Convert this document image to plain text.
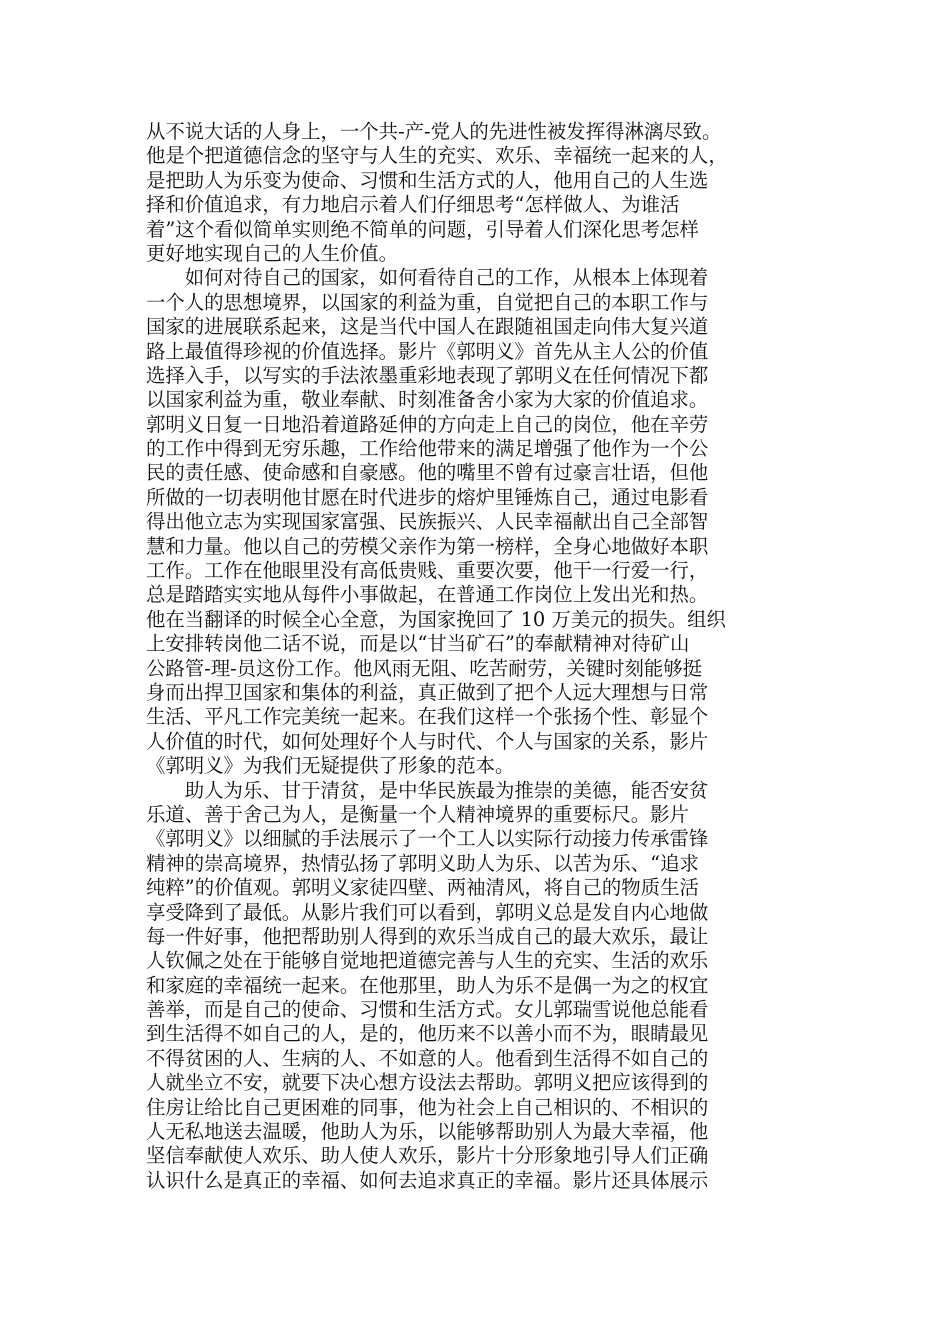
从不说大话的人身上，一个共-产-党人的先进性被发挥得淋漓尽致。
他是个把道德信念的坚守与人生的充实、欢乐、幸福统一起来的人，
是把助人为乐变为使命、习惯和生活方式的人，他用自己的人生选
择和价值追求，有力地启示着人们仔细思考“怎样做人、为谁活
着”这个看似简单实则绝不简单的问题，引导着人们深化思考怎样
更好地实现自己的人生价值。
　　如何对待自己的国家，如何看待自己的工作，从根本上体现着
一个人的思想境界，以国家的利益为重，自觉把自己的本职工作与
国家的进展联系起来，这是当代中国人在跟随祖国走向伟大复兴道
路上最值得珍视的价值选择。影片《郭明义》首先从主人公的价值
选择入手，以写实的手法浓墨重彩地表现了郭明义在任何情况下都
以国家利益为重，敬业奉献、时刻准备舍小家为大家的价值追求。
郭明义日复一日地沿着道路延伸的方向走上自己的岗位，他在辛劳
的工作中得到无穷乐趣，工作给他带来的满足增强了他作为一个公
民的责任感、使命感和自豪感。他的嘴里不曾有过豪言壮语，但他
所做的一切表明他甘愿在时代进步的熔炉里锤炼自己，通过电影看
得出他立志为实现国家富强、民族振兴、人民幸福献出自己全部智
慧和力量。他以自己的劳模父亲作为第一榜样，全身心地做好本职
工作。工作在他眼里没有高低贵贱、重要次要，他干一行爱一行，
总是踏踏实实地从每件小事做起，在普通工作岗位上发出光和热。
他在当翻译的时候全心全意，为国家挽回了 10 万美元的损失。组织
上安排转岗他二话不说，而是以“甘当矿石”的奉献精神对待矿山
公路管-理-员这份工作。他风雨无阻、吃苦耐劳，关键时刻能够挺
身而出捍卫国家和集体的利益，真正做到了把个人远大理想与日常
生活、平凡工作完美统一起来。在我们这样一个张扬个性、彰显个
人价值的时代，如何处理好个人与时代、个人与国家的关系，影片
《郭明义》为我们无疑提供了形象的范本。
　　助人为乐、甘于清贫，是中华民族最为推崇的美德，能否安贫
乐道、善于舍己为人，是衡量一个人精神境界的重要标尺。影片
《郭明义》以细腻的手法展示了一个工人以实际行动接力传承雷锋
精神的崇高境界，热情弘扬了郭明义助人为乐、以苦为乐、“追求
纯粹”的价值观。郭明义家徒四壁、两袖清风，将自己的物质生活
享受降到了最低。从影片我们可以看到，郭明义总是发自内心地做
每一件好事，他把帮助别人得到的欢乐当成自己的最大欢乐，最让
人钦佩之处在于能够自觉地把道德完善与人生的充实、生活的欢乐
和家庭的幸福统一起来。在他那里，助人为乐不是偶一为之的权宜
善举，而是自己的使命、习惯和生活方式。女儿郭瑞雪说他总能看
到生活得不如自己的人，是的，他历来不以善小而不为，眼睛最见
不得贫困的人、生病的人、不如意的人。他看到生活得不如自己的
人就坐立不安，就要下决心想方设法去帮助。郭明义把应该得到的
住房让给比自己更困难的同事，他为社会上自己相识的、不相识的
人无私地送去温暖，他助人为乐，以能够帮助别人为最大幸福，他
坚信奉献使人欢乐、助人使人欢乐，影片十分形象地引导人们正确
认识什么是真正的幸福、如何去追求真正的幸福。影片还具体展示
